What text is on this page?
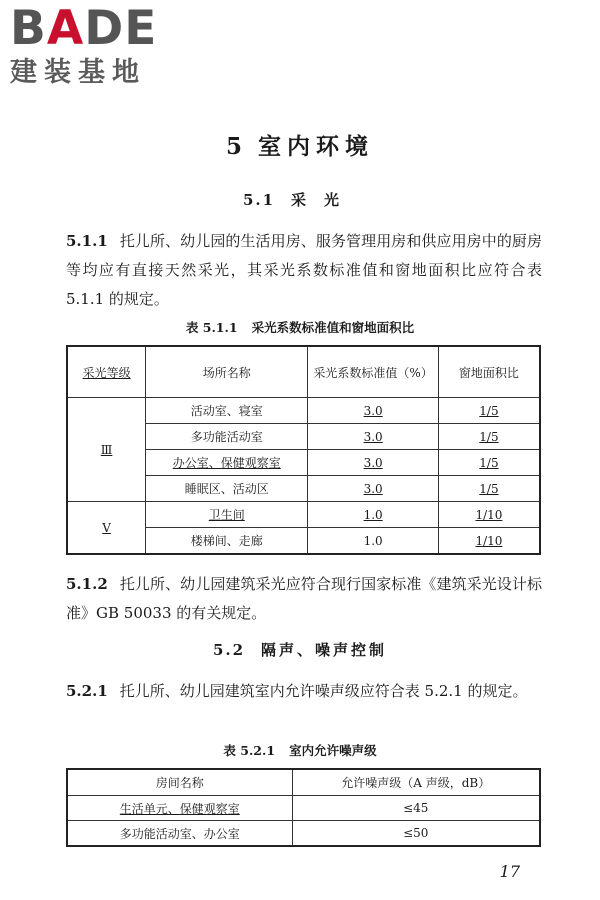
BADE
建装基地
5 室内环境
5.1 采光
5.1.1 托儿所、幼儿园的生活用房、服务管理用房和供应用房中的厨房等均应有直接天然采光，其采光系数标准值和窗地面积比应符合表 5.1.1 的规定。
表 5.1.1 采光系数标准值和窗地面积比
采光等级	场所名称	采光系数标准值（%）	窗地面积比
Ⅲ	活动室、寝室	3.0	1/5
	多功能活动室	3.0	1/5
	办公室、保健观察室	3.0	1/5
	睡眠区、活动区	3.0	1/5
Ⅴ	卫生间	1.0	1/10
	楼梯间、走廊	1.0	1/10
5.1.2 托儿所、幼儿园建筑采光应符合现行国家标准《建筑采光设计标准》GB 50033 的有关规定。
5.2 隔声、噪声控制
5.2.1 托儿所、幼儿园建筑室内允许噪声级应符合表 5.2.1 的规定。
表 5.2.1 室内允许噪声级
房间名称	允许噪声级（A 声级，dB）
生活单元、保健观察室	≤45
多功能活动室、办公室	≤50
17
